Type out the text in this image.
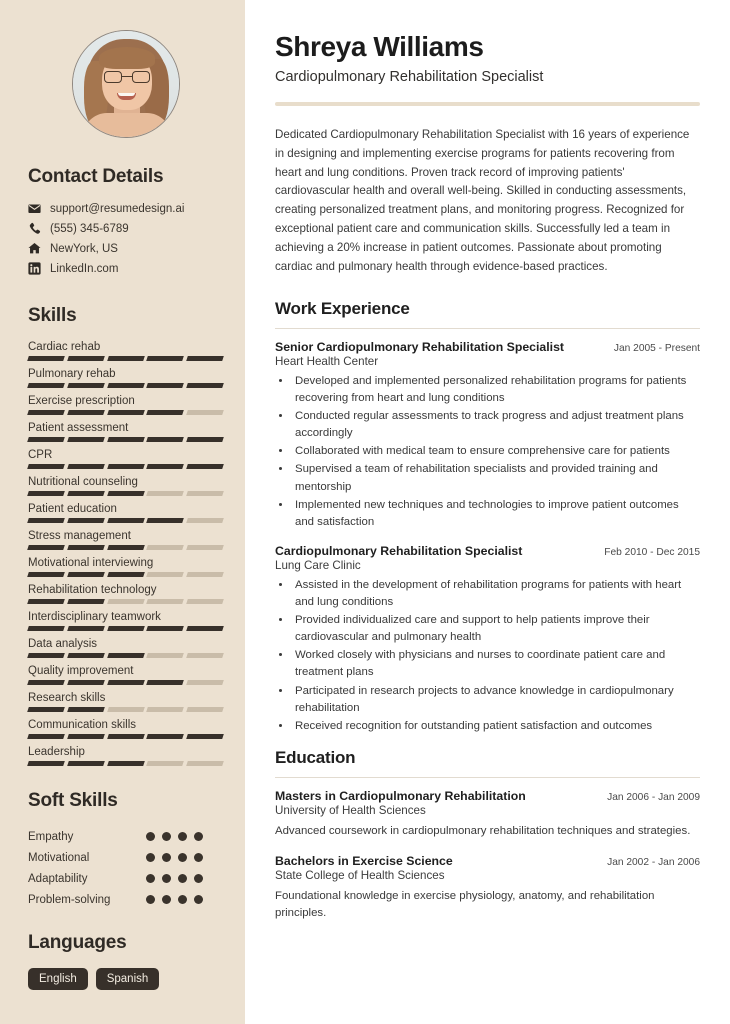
Contact Details
support@resumedesign.ai
(555) 345-6789
NewYork, US
LinkedIn.com
Skills
Cardiac rehab
Pulmonary rehab
Exercise prescription
Patient assessment
CPR
Nutritional counseling
Patient education
Stress management
Motivational interviewing
Rehabilitation technology
Interdisciplinary teamwork
Data analysis
Quality improvement
Research skills
Communication skills
Leadership
Soft Skills
Empathy
Motivational
Adaptability
Problem-solving
Languages
English	Spanish
Shreya Williams
Cardiopulmonary Rehabilitation Specialist

Dedicated Cardiopulmonary Rehabilitation Specialist with 16 years of experience in designing and implementing exercise programs for patients recovering from heart and lung conditions. Proven track record of improving patients' cardiovascular health and overall well-being. Skilled in conducting assessments, creating personalized treatment plans, and monitoring progress. Recognized for exceptional patient care and communication skills. Successfully led a team in achieving a 20% increase in patient outcomes. Passionate about promoting cardiac and pulmonary health through evidence-based practices.

Work Experience
Senior Cardiopulmonary Rehabilitation Specialist	Jan 2005 - Present
Heart Health Center
• Developed and implemented personalized rehabilitation programs for patients recovering from heart and lung conditions
• Conducted regular assessments to track progress and adjust treatment plans accordingly
• Collaborated with medical team to ensure comprehensive care for patients
• Supervised a team of rehabilitation specialists and provided training and mentorship
• Implemented new techniques and technologies to improve patient outcomes and satisfaction
Cardiopulmonary Rehabilitation Specialist	Feb 2010 - Dec 2015
Lung Care Clinic
• Assisted in the development of rehabilitation programs for patients with heart and lung conditions
• Provided individualized care and support to help patients improve their cardiovascular and pulmonary health
• Worked closely with physicians and nurses to coordinate patient care and treatment plans
• Participated in research projects to advance knowledge in cardiopulmonary rehabilitation
• Received recognition for outstanding patient satisfaction and outcomes
Education
Masters in Cardiopulmonary Rehabilitation	Jan 2006 - Jan 2009
University of Health Sciences
Advanced coursework in cardiopulmonary rehabilitation techniques and strategies.
Bachelors in Exercise Science	Jan 2002 - Jan 2006
State College of Health Sciences
Foundational knowledge in exercise physiology, anatomy, and rehabilitation principles.
